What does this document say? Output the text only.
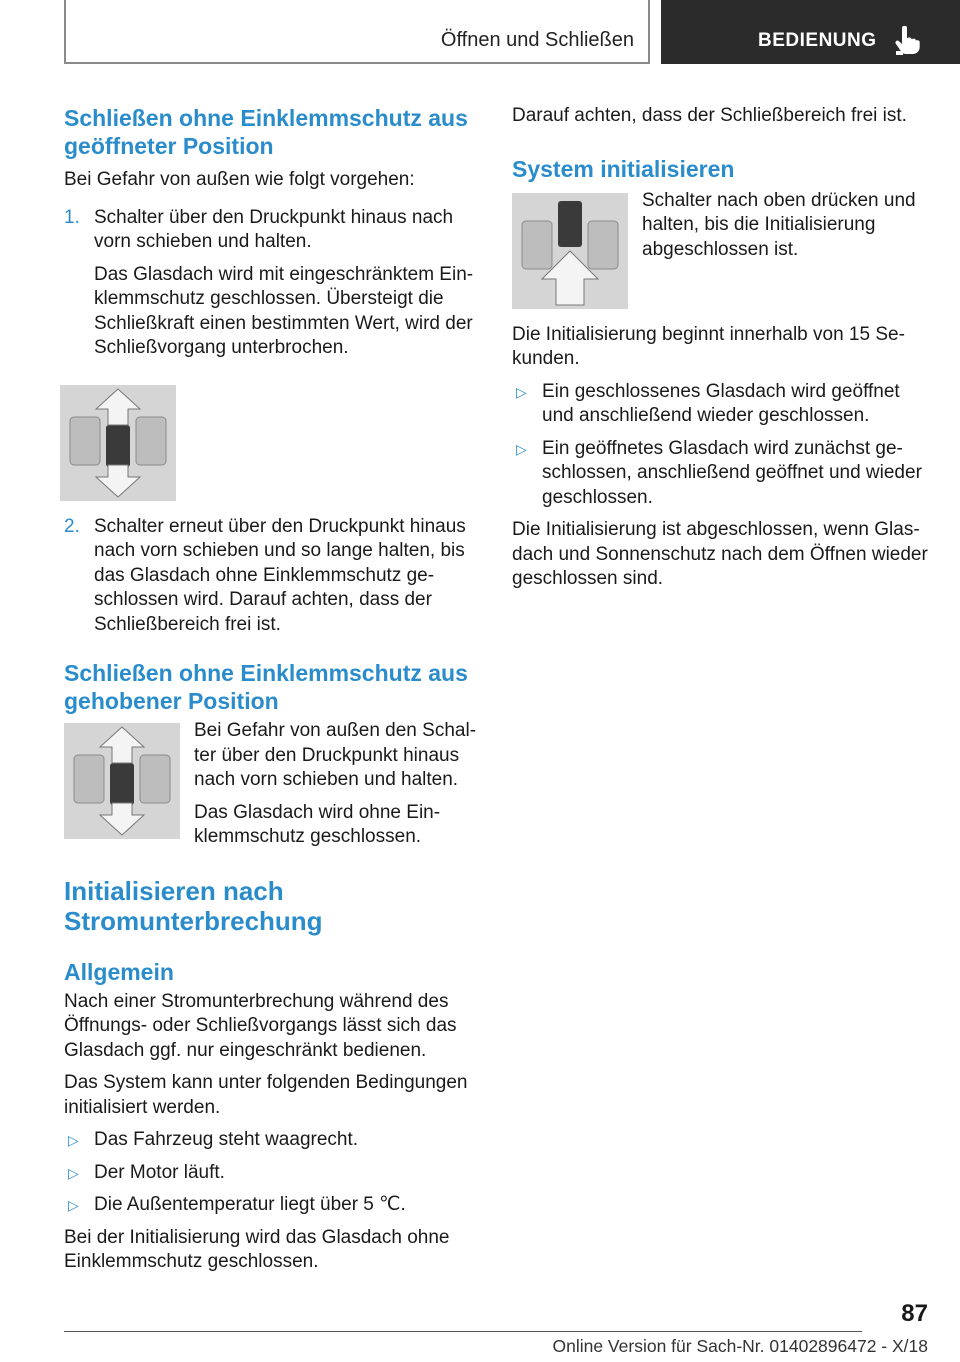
Öffnen und Schließen	BEDIENUNG
Schließen ohne Einklemmschutz aus geöffneter Position

Bei Gefahr von außen wie folgt vorgehen:

1. Schalter über den Druckpunkt hinaus nach vorn schieben und halten.
Das Glasdach wird mit eingeschränktem Einklemmschutz geschlossen. Übersteigt die Schließkraft einen bestimmten Wert, wird der Schließvorgang unterbrochen.
2. Schalter erneut über den Druckpunkt hinaus nach vorn schieben und so lange halten, bis das Glasdach ohne Einklemmschutz geschlossen wird. Darauf achten, dass der Schließbereich frei ist.
Schließen ohne Einklemmschutz aus gehobener Position

Bei Gefahr von außen den Schalter über den Druckpunkt hinaus nach vorn schieben und halten.

Das Glasdach wird ohne Einklemmschutz geschlossen.

Initialisieren nach Stromunterbrechung
Allgemein

Nach einer Stromunterbrechung während des Öffnungs- oder Schließvorgangs lässt sich das Glasdach ggf. nur eingeschränkt bedienen.

Das System kann unter folgenden Bedingungen initialisiert werden.

▷ Das Fahrzeug steht waagrecht.
▷ Der Motor läuft.
▷ Die Außentemperatur liegt über 5 ℃.

Bei der Initialisierung wird das Glasdach ohne Einklemmschutz geschlossen.

Darauf achten, dass der Schließbereich frei ist.

System initialisieren

Schalter nach oben drücken und halten, bis die Initialisierung abgeschlossen ist.

Die Initialisierung beginnt innerhalb von 15 Sekunden.

▷ Ein geschlossenes Glasdach wird geöffnet und anschließend wieder geschlossen.
▷ Ein geöffnetes Glasdach wird zunächst geschlossen, anschließend geöffnet und wieder geschlossen.

Die Initialisierung ist abgeschlossen, wenn Glasdach und Sonnenschutz nach dem Öffnen wieder geschlossen sind.

87
Online Version für Sach-Nr. 01402896472 - X/18
